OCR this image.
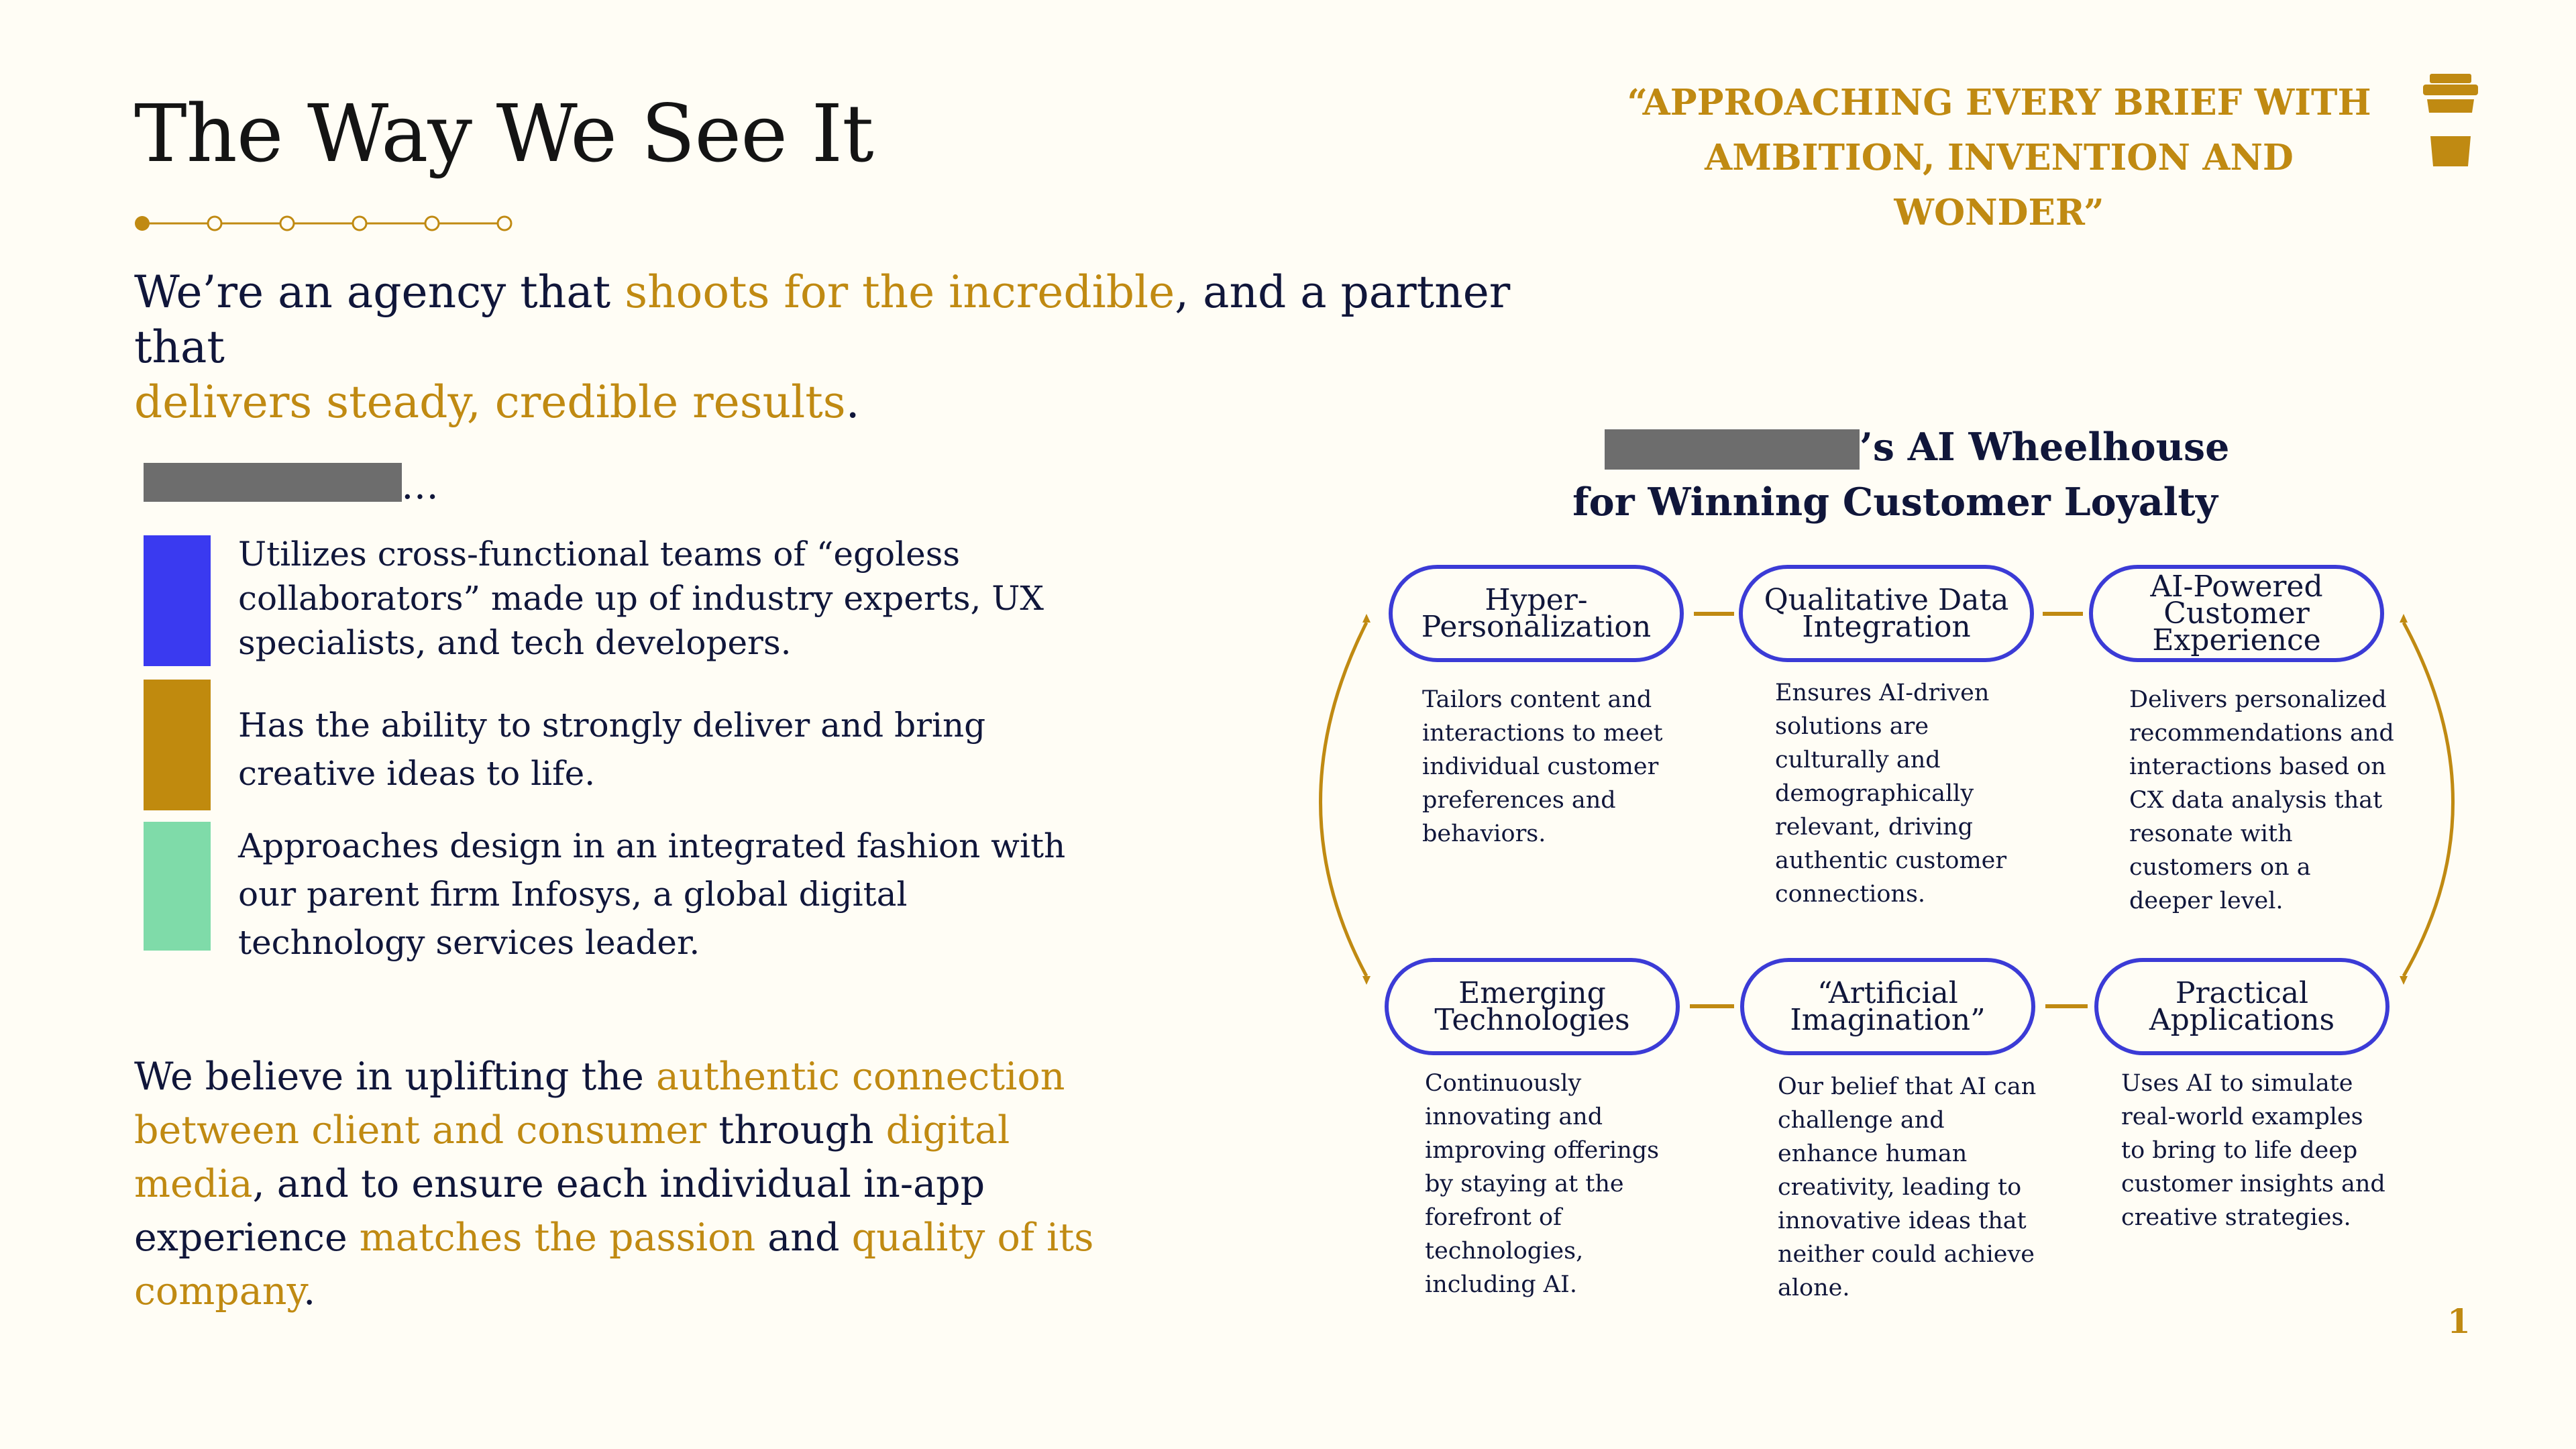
The Way We See It	“APPROACHING EVERY BRIEF WITH
AMBITION, INVENTION AND WONDER”
We’re an agency that shoots for the incredible, and a partner that
delivers steady, credible results.
…
Utilizes cross-functional teams of “egoless collaborators” made up of industry experts, UX specialists, and tech developers.
Has the ability to strongly deliver and bring creative ideas to life.
Approaches design in an integrated fashion with our parent firm Infosys, a global digital technology services leader.
We believe in uplifting the authentic connection between client and consumer through digital media, and to ensure each individual in-app experience matches the passion and quality of its company.
’s AI Wheelhouse
for Winning Customer Loyalty
Hyper-
Personalization
Qualitative Data
Integration
AI-Powered
Customer
Experience
Emerging
Technologies
“Artificial
Imagination”
Practical
Applications
Tailors content and interactions to meet individual customer preferences and behaviors.
Ensures AI-driven solutions are culturally and demographically relevant, driving authentic customer connections.
Delivers personalized recommendations and interactions based on CX data analysis that resonate with customers on a deeper level.
Continuously innovating and improving offerings by staying at the forefront of technologies, including AI.
Our belief that AI can challenge and enhance human creativity, leading to innovative ideas that neither could achieve alone.
Uses AI to simulate real-world examples to bring to life deep customer insights and creative strategies.
1
